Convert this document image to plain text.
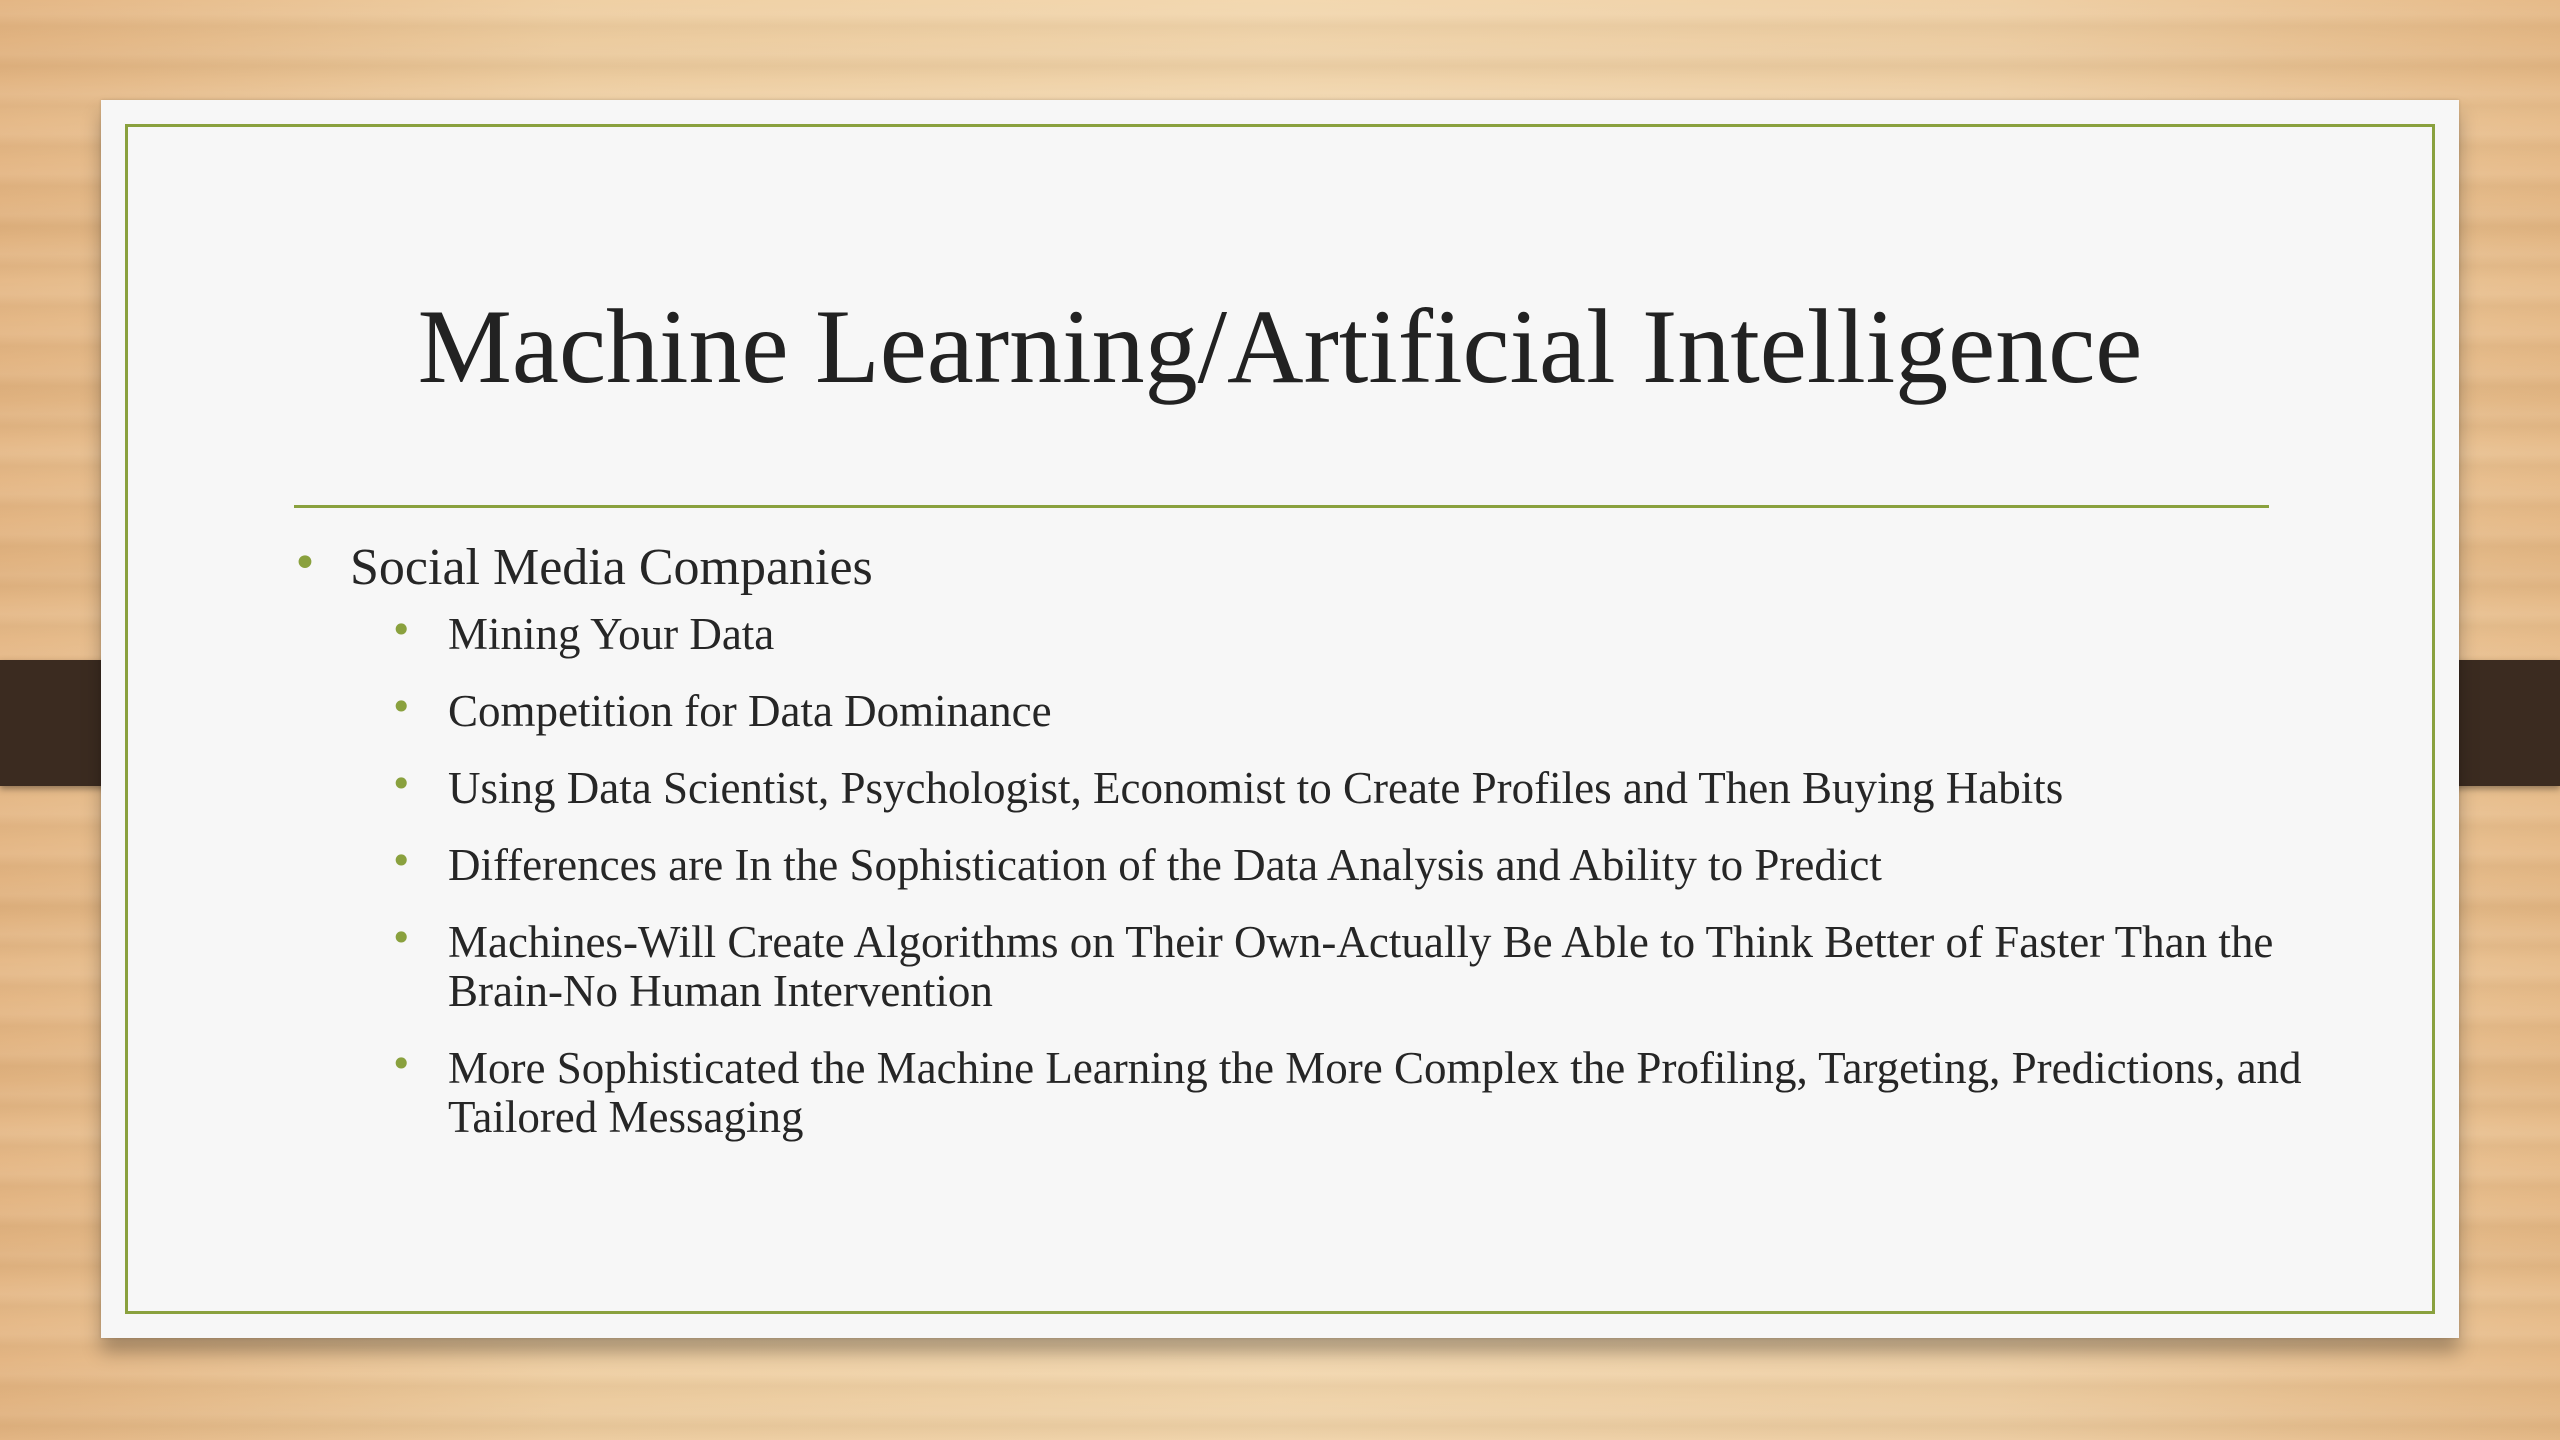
Machine Learning/Artificial Intelligence
• Social Media Companies
• Mining Your Data
• Competition for Data Dominance
• Using Data Scientist, Psychologist, Economist to Create Profiles and Then Buying Habits
• Differences are In the Sophistication of the Data Analysis and Ability to Predict
• Machines-Will Create Algorithms on Their Own-Actually Be Able to Think Better of Faster Than the Brain-No Human Intervention
• More Sophisticated the Machine Learning the More Complex the Profiling, Targeting, Predictions, and Tailored Messaging
